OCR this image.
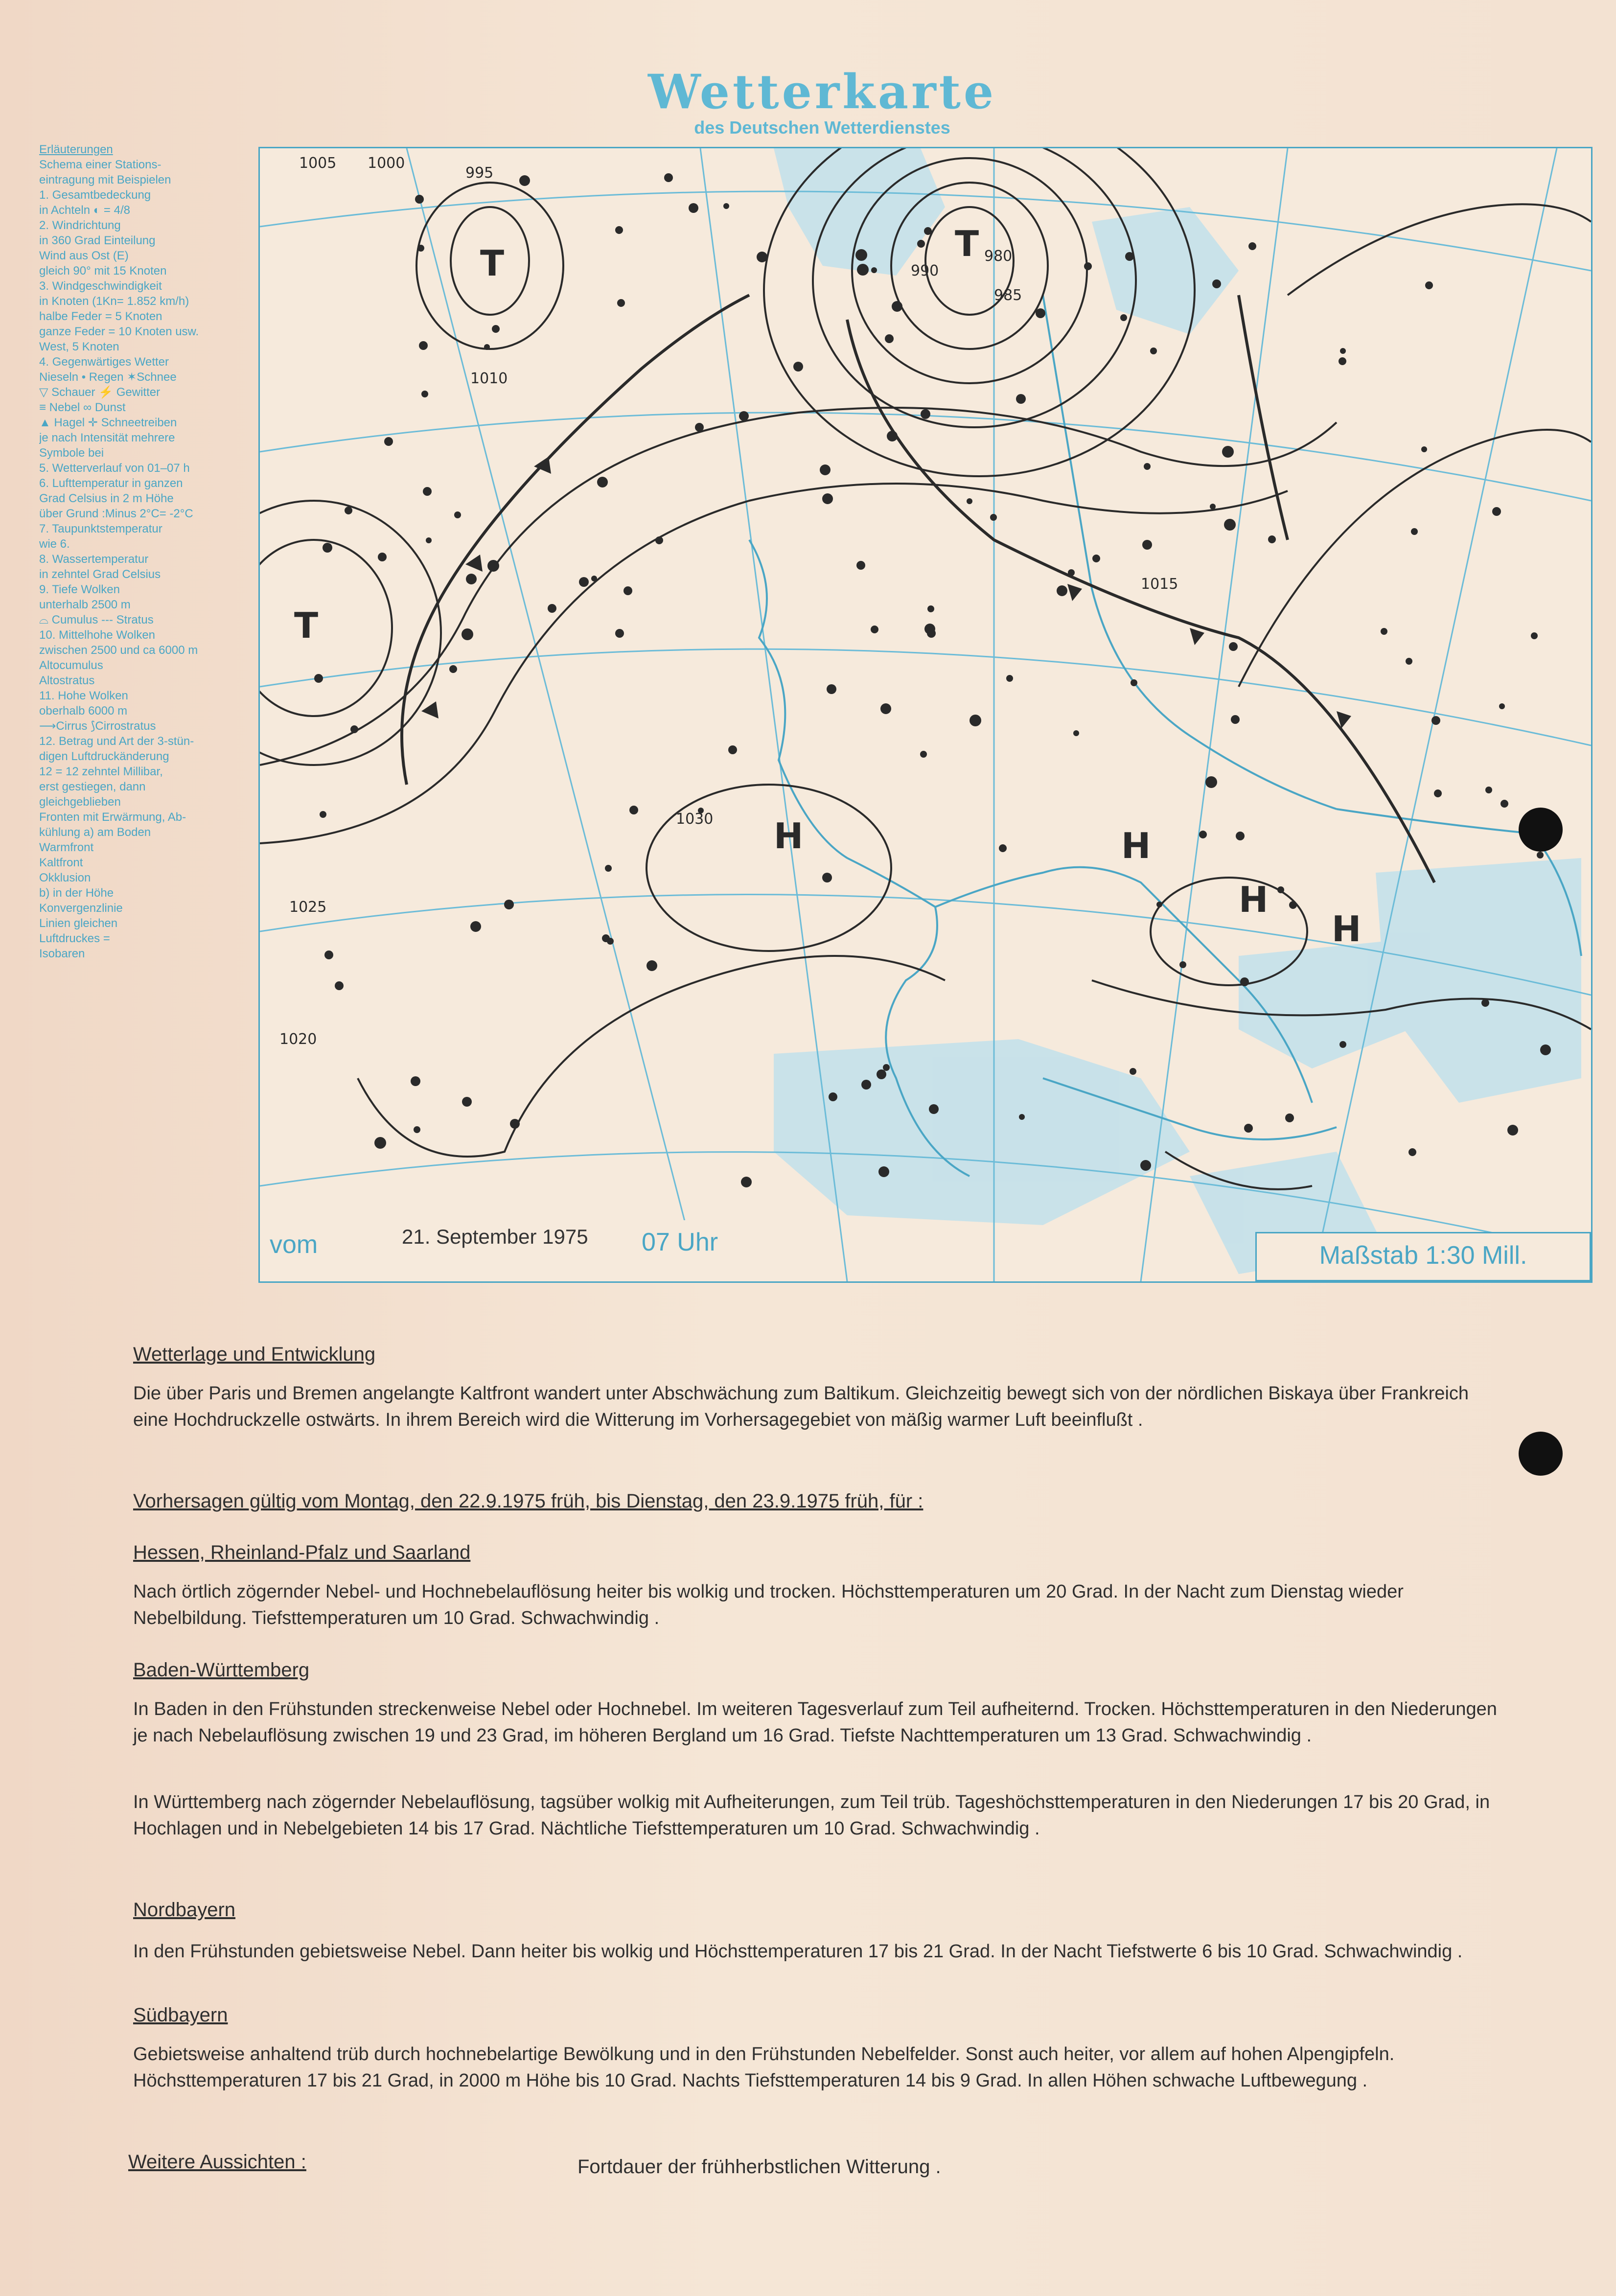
Wetterkarte
des Deutschen Wetterdienstes
Erläuterungen
Schema einer Stations-
eintragung mit Beispielen
1. Gesamtbedeckung
in Achteln ◐ = 4/8
2. Windrichtung
in 360 Grad Einteilung
Wind aus Ost (E)
gleich 90° mit 15 Knoten
3. Windgeschwindigkeit
in Knoten (1Kn= 1.852 km/h)
halbe Feder = 5 Knoten
ganze Feder = 10 Knoten usw.
West, 5 Knoten
4. Gegenwärtiges Wetter
Nieseln • Regen ✶Schnee
▽ Schauer ⚡ Gewitter
≡ Nebel ∞ Dunst
▲ Hagel ✛ Schneetreiben
je nach Intensität mehrere
Symbole bei
5. Wetterverlauf von 01–07 h
6. Lufttemperatur in ganzen
Grad Celsius in 2 m Höhe
über Grund :Minus 2°C= -2°C
7. Taupunktstemperatur
wie 6.
8. Wassertemperatur
in zehntel Grad Celsius
9. Tiefe Wolken
unterhalb 2500 m
⌓ Cumulus --- Stratus
10. Mittelhohe Wolken
zwischen 2500 und ca 6000 m
Altocumulus
Altostratus
11. Hohe Wolken
oberhalb 6000 m
⟶Cirrus ⟆Cirrostratus
12. Betrag und Art der 3-stün-
digen Luftdruckänderung
12 = 12 zehntel Millibar,
erst gestiegen, dann
gleichgeblieben
Fronten mit Erwärmung, Ab-
kühlung a) am Boden
Warmfront
Kaltfront
Okklusion
b) in der Höhe
Konvergenzlinie
Linien gleichen
Luftdruckes =
Isobaren
T	T
T
H	H
H
H
1005 1000
995
990
985
980
1010
1015
1020
1025
1030
vom	21. September 1975 07 Uhr	Maßstab 1:30 Mill.
Wetterlage und Entwicklung
Die über Paris und Bremen angelangte Kaltfront wandert unter Abschwächung zum Baltikum. Gleichzeitig bewegt sich von der nördlichen Biskaya über Frankreich eine Hochdruckzelle ostwärts. In ihrem Bereich wird die Witterung im Vorhersagegebiet von mäßig warmer Luft beeinflußt .
Vorhersagen gültig vom Montag, den 22.9.1975 früh, bis Dienstag, den 23.9.1975 früh, für :
Hessen, Rheinland-Pfalz und Saarland
Nach örtlich zögernder Nebel- und Hochnebelauflösung heiter bis wolkig und trocken. Höchsttemperaturen um 20 Grad. In der Nacht zum Dienstag wieder Nebelbildung. Tiefsttemperaturen um 10 Grad. Schwachwindig .
Baden-Württemberg
In Baden in den Frühstunden streckenweise Nebel oder Hochnebel. Im weiteren Tagesverlauf zum Teil aufheiternd. Trocken. Höchsttemperaturen in den Niederungen je nach Nebelauflösung zwischen 19 und 23 Grad, im höheren Bergland um 16 Grad. Tiefste Nachttemperaturen um 13 Grad. Schwachwindig .
In Württemberg nach zögernder Nebelauflösung, tagsüber wolkig mit Aufheiterungen, zum Teil trüb. Tageshöchsttemperaturen in den Niederungen 17 bis 20 Grad, in Hochlagen und in Nebelgebieten 14 bis 17 Grad. Nächtliche Tiefsttemperaturen um 10 Grad. Schwachwindig .
Nordbayern
In den Frühstunden gebietsweise Nebel. Dann heiter bis wolkig und Höchsttemperaturen 17 bis 21 Grad. In der Nacht Tiefstwerte 6 bis 10 Grad. Schwachwindig .
Südbayern
Gebietsweise anhaltend trüb durch hochnebelartige Bewölkung und in den Frühstunden Nebelfelder. Sonst auch heiter, vor allem auf hohen Alpengipfeln. Höchsttemperaturen 17 bis 21 Grad, in 2000 m Höhe bis 10 Grad. Nachts Tiefsttemperaturen 14 bis 9 Grad. In allen Höhen schwache Luftbewegung .
Weitere Aussichten :	Fortdauer der frühherbstlichen Witterung .
